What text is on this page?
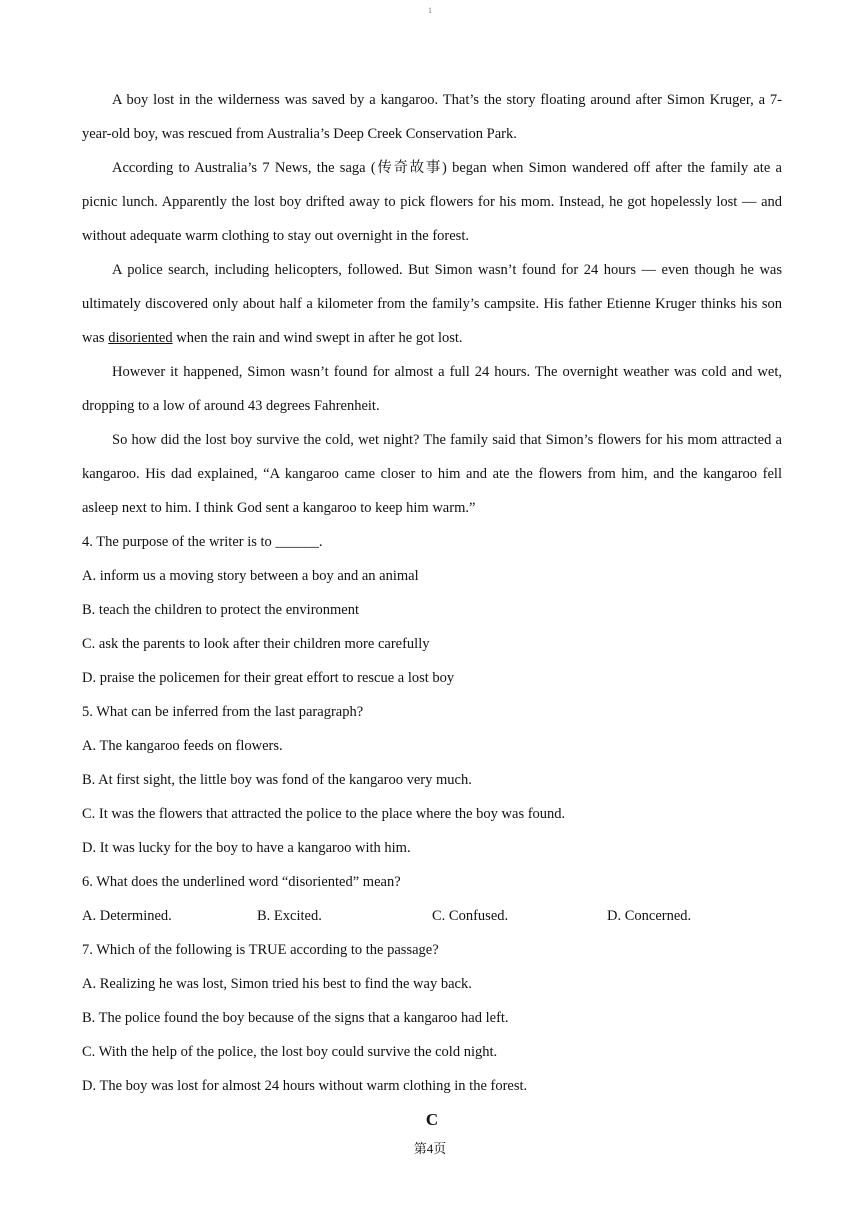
1

A boy lost in the wilderness was saved by a kangaroo. That’s the story floating around after Simon Kruger, a 7-year-old boy, was rescued from Australia’s Deep Creek Conservation Park.

According to Australia’s 7 News, the saga (传奇故事) began when Simon wandered off after the family ate a picnic lunch. Apparently the lost boy drifted away to pick flowers for his mom. Instead, he got hopelessly lost — and without adequate warm clothing to stay out overnight in the forest.

A police search, including helicopters, followed. But Simon wasn’t found for 24 hours — even though he was ultimately discovered only about half a kilometer from the family’s campsite. His father Etienne Kruger thinks his son was disoriented when the rain and wind swept in after he got lost.

However it happened, Simon wasn’t found for almost a full 24 hours. The overnight weather was cold and wet, dropping to a low of around 43 degrees Fahrenheit.

So how did the lost boy survive the cold, wet night? The family said that Simon’s flowers for his mom attracted a kangaroo. His dad explained, “A kangaroo came closer to him and ate the flowers from him, and the kangaroo fell asleep next to him. I think God sent a kangaroo to keep him warm.”

4. The purpose of the writer is to ______.

A. inform us a moving story between a boy and an animal

B. teach the children to protect the environment

C. ask the parents to look after their children more carefully

D. praise the policemen for their great effort to rescue a lost boy

5. What can be inferred from the last paragraph?

A. The kangaroo feeds on flowers.

B. At first sight, the little boy was fond of the kangaroo very much.

C. It was the flowers that attracted the police to the place where the boy was found.

D. It was lucky for the boy to have a kangaroo with him.

6. What does the underlined word “disoriented” mean?

A. Determined.	B. Excited.	C. Confused.	D. Concerned.

7. Which of the following is TRUE according to the passage?

A. Realizing he was lost, Simon tried his best to find the way back.

B. The police found the boy because of the signs that a kangaroo had left.

C. With the help of the police, the lost boy could survive the cold night.

D. The boy was lost for almost 24 hours without warm clothing in the forest.

C

第4页
